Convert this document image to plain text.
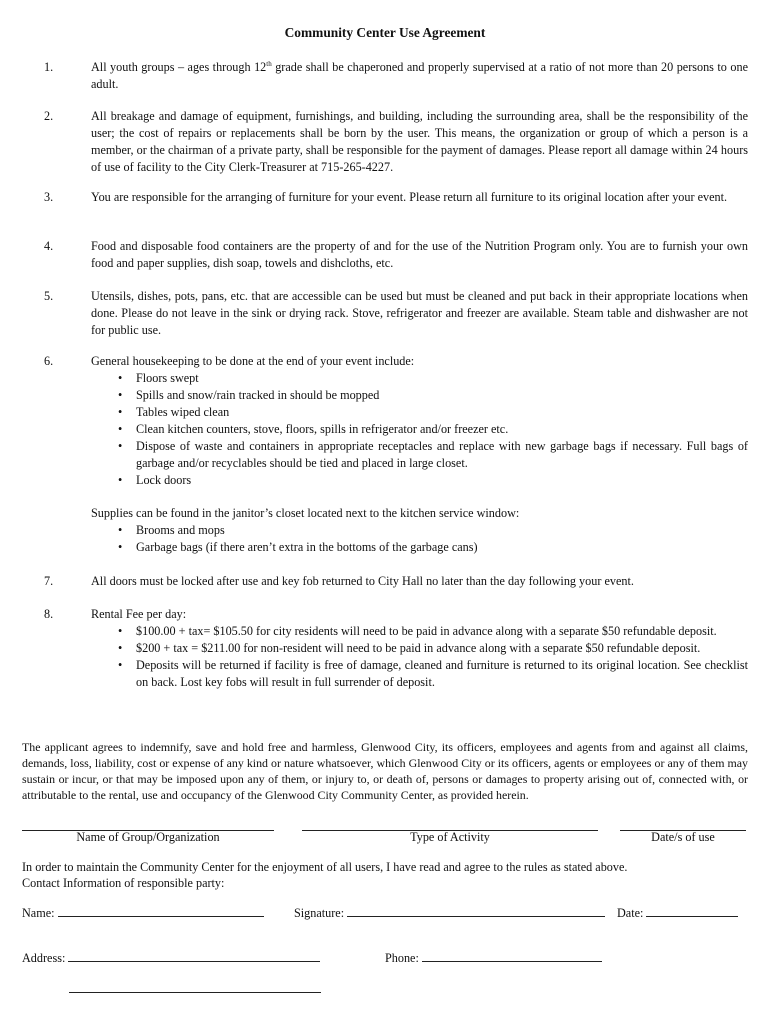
Community Center Use Agreement
1.	All youth groups – ages through 12th grade shall be chaperoned and properly supervised at a ratio of not more than 20 persons to one adult.
2.	All breakage and damage of equipment, furnishings, and building, including the surrounding area, shall be the responsibility of the user; the cost of repairs or replacements shall be born by the user. This means, the organization or group of which a person is a member, or the chairman of a private party, shall be responsible for the payment of damages. Please report all damage within 24 hours of use of facility to the City Clerk-Treasurer at 715-265-4227.
3.	You are responsible for the arranging of furniture for your event. Please return all furniture to its original location after your event.
4.	Food and disposable food containers are the property of and for the use of the Nutrition Program only. You are to furnish your own food and paper supplies, dish soap, towels and dishcloths, etc.
5.	Utensils, dishes, pots, pans, etc. that are accessible can be used but must be cleaned and put back in their appropriate locations when done. Please do not leave in the sink or drying rack. Stove, refrigerator and freezer are available. Steam table and dishwasher are not for public use.
6.	General housekeeping to be done at the end of your event include:
• Floors swept
• Spills and snow/rain tracked in should be mopped
• Tables wiped clean
• Clean kitchen counters, stove, floors, spills in refrigerator and/or freezer etc.
• Dispose of waste and containers in appropriate receptacles and replace with new garbage bags if necessary. Full bags of garbage and/or recyclables should be tied and placed in large closet.
• Lock doors
Supplies can be found in the janitor’s closet located next to the kitchen service window:
• Brooms and mops
• Garbage bags (if there aren’t extra in the bottoms of the garbage cans)
7.	All doors must be locked after use and key fob returned to City Hall no later than the day following your event.
8.	Rental Fee per day:
• $100.00 + tax= $105.50 for city residents will need to be paid in advance along with a separate $50 refundable deposit.
• $200 + tax = $211.00 for non-resident will need to be paid in advance along with a separate $50 refundable deposit.
• Deposits will be returned if facility is free of damage, cleaned and furniture is returned to its original location. See checklist on back. Lost key fobs will result in full surrender of deposit.
The applicant agrees to indemnify, save and hold free and harmless, Glenwood City, its officers, employees and agents from and against all claims, demands, loss, liability, cost or expense of any kind or nature whatsoever, which Glenwood City or its officers, agents or employees or any of them may sustain or incur, or that may be imposed upon any of them, or injury to, or death of, persons or damages to property arising out of, connected with, or attributable to the rental, use and occupancy of the Glenwood City Community Center, as provided herein.
Name of Group/Organization	Type of Activity	Date/s of use
In order to maintain the Community Center for the enjoyment of all users, I have read and agree to the rules as stated above.
Contact Information of responsible party:
Name:	Signature:	Date:
Address:	Phone:
